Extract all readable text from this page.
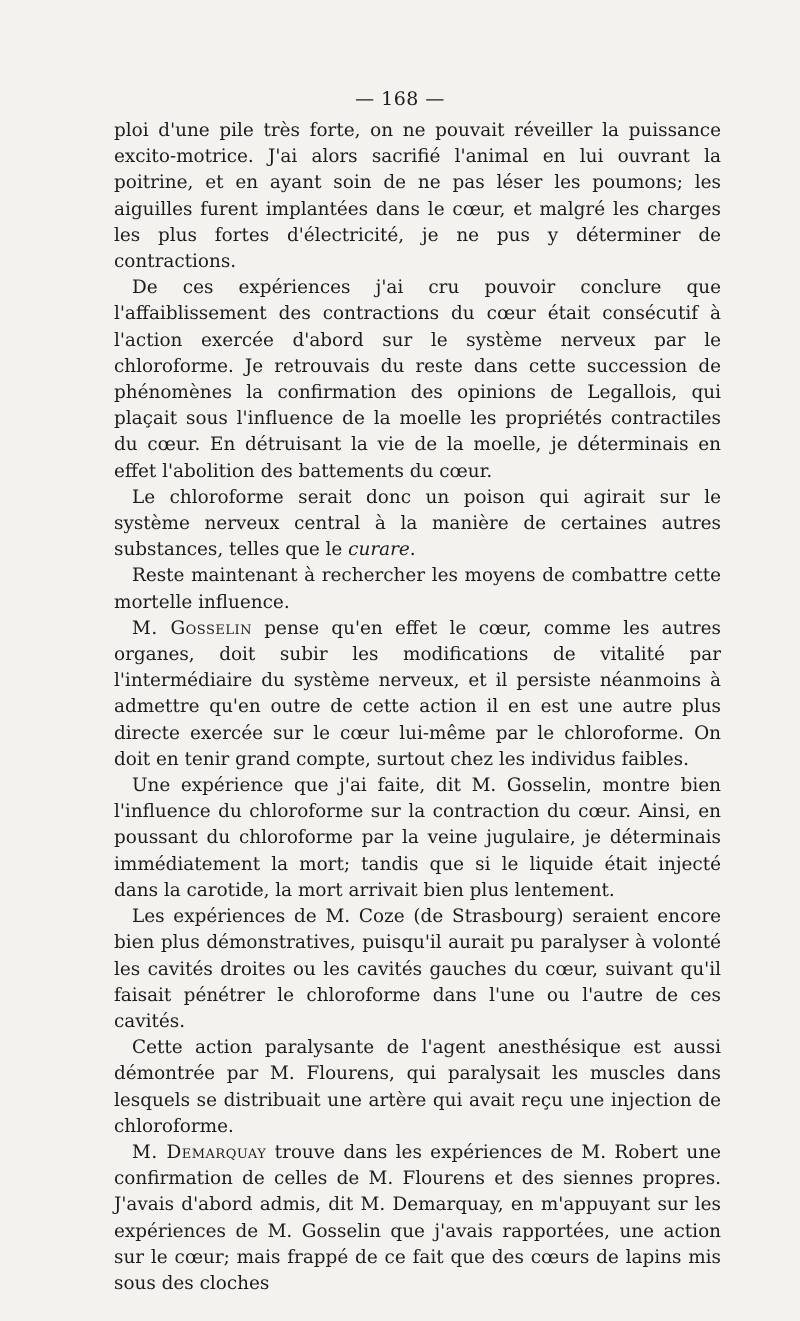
— 168 —

ploi d'une pile très forte, on ne pouvait réveiller la puissance excito-motrice. J'ai alors sacrifié l'animal en lui ouvrant la poitrine, et en ayant soin de ne pas léser les poumons; les aiguilles furent implantées dans le cœur, et malgré les charges les plus fortes d'électricité, je ne pus y déterminer de contractions.

De ces expériences j'ai cru pouvoir conclure que l'affaiblissement des contractions du cœur était consécutif à l'action exercée d'abord sur le système nerveux par le chloroforme. Je retrouvais du reste dans cette succession de phénomènes la confirmation des opinions de Legallois, qui plaçait sous l'influence de la moelle les propriétés contractiles du cœur. En détruisant la vie de la moelle, je déterminais en effet l'abolition des battements du cœur.

Le chloroforme serait donc un poison qui agirait sur le système nerveux central à la manière de certaines autres substances, telles que le curare.

Reste maintenant à rechercher les moyens de combattre cette mortelle influence.

M. Gosselin pense qu'en effet le cœur, comme les autres organes, doit subir les modifications de vitalité par l'intermédiaire du système nerveux, et il persiste néanmoins à admettre qu'en outre de cette action il en est une autre plus directe exercée sur le cœur lui-même par le chloroforme. On doit en tenir grand compte, surtout chez les individus faibles.

Une expérience que j'ai faite, dit M. Gosselin, montre bien l'influence du chloroforme sur la contraction du cœur. Ainsi, en poussant du chloroforme par la veine jugulaire, je déterminais immédiatement la mort; tandis que si le liquide était injecté dans la carotide, la mort arrivait bien plus lentement.

Les expériences de M. Coze (de Strasbourg) seraient encore bien plus démonstratives, puisqu'il aurait pu paralyser à volonté les cavités droites ou les cavités gauches du cœur, suivant qu'il faisait pénétrer le chloroforme dans l'une ou l'autre de ces cavités.

Cette action paralysante de l'agent anesthésique est aussi démontrée par M. Flourens, qui paralysait les muscles dans lesquels se distribuait une artère qui avait reçu une injection de chloroforme.

M. Demarquay trouve dans les expériences de M. Robert une confirmation de celles de M. Flourens et des siennes propres. J'avais d'abord admis, dit M. Demarquay, en m'appuyant sur les expériences de M. Gosselin que j'avais rapportées, une action sur le cœur; mais frappé de ce fait que des cœurs de lapins mis sous des cloches
